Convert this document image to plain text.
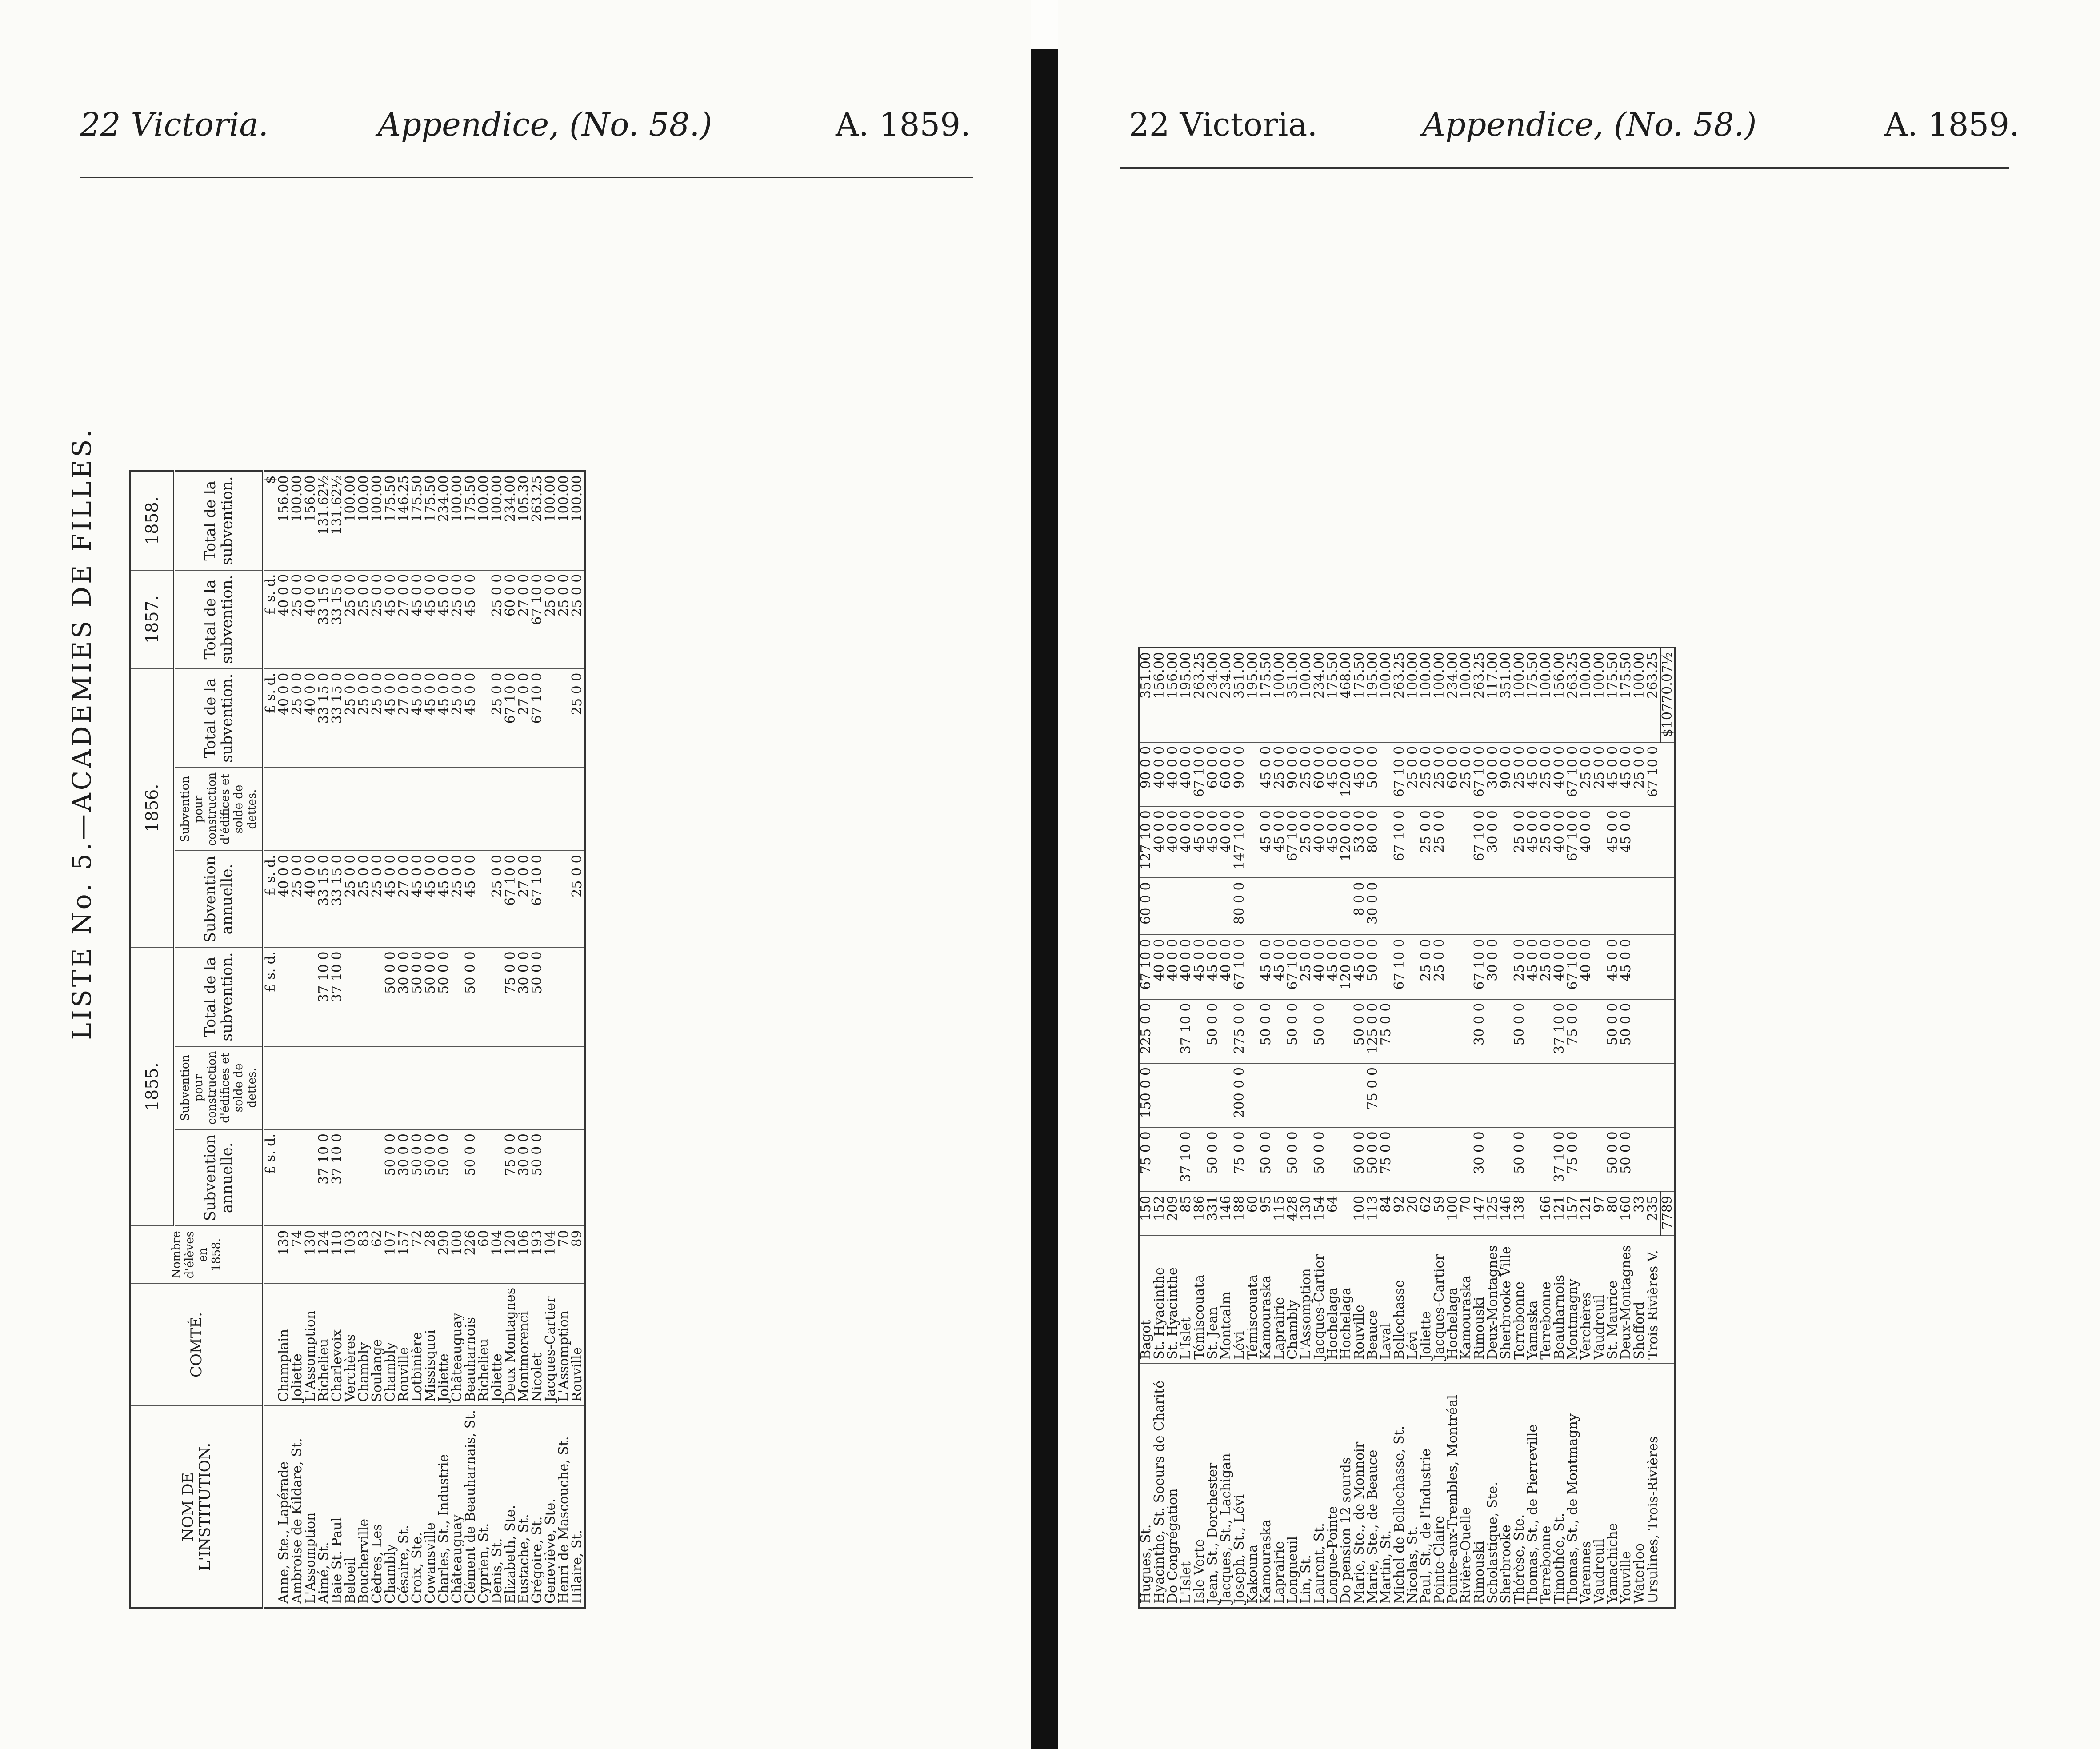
22 Victoria.	Appendice, (No. 58.)	A. 1859.
LISTE No. 5.—ACADEMIES DE FILLES.
NOM DE L'INSTITUTION.	COMTÉ.	Nombre d'élèves en 1858.	1855.			1856.			1857.	1858.
			Subvention annuelle.	Subvention pour construction d'édifices et solde de dettes.	Total de la subvention.	Subvention annuelle.	Subvention pour construction d'édifices et solde de dettes.	Total de la subvention.	Total de la subvention.	Total de la subvention.
			£ s. d.		£ s. d.	£ s. d.		£ s. d.	£ s. d.	$
Anne, Ste., Lapérade	Champlain	139				40 0 0		40 0 0	40 0 0	156.00
Ambroise de Kildare, St.	Joliette	74				25 0 0		25 0 0	25 0 0	100.00
L'Assomption	L'Assomption	130				40 0 0		40 0 0	40 0 0	156.00
Aimé, St.	Richelieu	124	37 10 0		37 10 0	33 15 0		33 15 0	33 15 0	131.62½
Baie St. Paul	Charlevoix	110	37 10 0		37 10 0	33 15 0		33 15 0	33 15 0	131.62½
Beloeil	Verchères	103				25 0 0		25 0 0	25 0 0	100.00
Boucherville	Chambly	83				25 0 0		25 0 0	25 0 0	100.00
Cèdres, Les	Soulange	62				25 0 0		25 0 0	25 0 0	100.00
Chambly	Chambly	107	50 0 0		50 0 0	45 0 0		45 0 0	45 0 0	175.50
Césaire, St.	Rouville	157	30 0 0		30 0 0	27 0 0		27 0 0	27 0 0	146.25
Croix, Ste.	Lotbinière	72	50 0 0		50 0 0	45 0 0		45 0 0	45 0 0	175.50
Cowansville	Missisquoi	28	50 0 0		50 0 0	45 0 0		45 0 0	45 0 0	175.50
Charles, St., Industrie	Joliette	290	50 0 0		50 0 0	45 0 0		45 0 0	45 0 0	234.00
Châteauguay	Châteauguay	100				25 0 0		25 0 0	25 0 0	100.00
Clément de Beauharnais, St.	Beauharnois	226	50 0 0		50 0 0	45 0 0		45 0 0	45 0 0	175.50
Cyprien, St.	Richelieu	60								100.00
Denis, St.	Joliette	104				25 0 0		25 0 0	25 0 0	100.00
Elizabeth, Ste.	Deux Montagnes	120	75 0 0		75 0 0	67 10 0		67 10 0	60 0 0	234.00
Eustache, St.	Montmorenci	106	30 0 0		30 0 0	27 0 0		27 0 0	27 0 0	105.30
Grégoire, St.	Nicolet	193	50 0 0		50 0 0	67 10 0		67 10 0	67 10 0	263.25
Geneviève, Ste.	Jacques-Cartier	104							25 0 0	100.00
Henri de Mascouche, St.	L'Assomption	70							25 0 0	100.00
Hilaire, St.	Rouville	89				25 0 0		25 0 0	25 0 0	100.00
22 Victoria.	Appendice, (No. 58.)	A. 1859.
Hugues, St.	Bagot	150	75 0 0	150 0 0	225 0 0	67 10 0	60 0 0	127 10 0	90 0 0	351.00
Hyacinthe, St. Soeurs de Charité	St. Hyacinthe	152				40 0 0		40 0 0	40 0 0	156.00
Do Congrégation	St. Hyacinthe	209				40 0 0		40 0 0	40 0 0	156.00
L'Islet	L'Islet	85	37 10 0		37 10 0	40 0 0		40 0 0	40 0 0	195.00
Isle Verte	Témiscouata	186				45 0 0		45 0 0	67 10 0	263.25
Jean, St., Dorchester	St. Jean	331	50 0 0		50 0 0	45 0 0		45 0 0	60 0 0	234.00
Jacques, St., Lachigan	Montcalm	146				40 0 0		40 0 0	60 0 0	234.00
Joseph, St., Lévi	Lévi	188	75 0 0	200 0 0	275 0 0	67 10 0	80 0 0	147 10 0	90 0 0	351.00
Kakouna	Témiscouata	60								195.00
Kamouraska	Kamouraska	95	50 0 0		50 0 0	45 0 0		45 0 0	45 0 0	175.50
Laprairie	Laprairie	115				45 0 0		45 0 0	25 0 0	100.00
Longueuil	Chambly	428	50 0 0		50 0 0	67 10 0		67 10 0	90 0 0	351.00
Lin, St.	L'Assomption	130				25 0 0		25 0 0	25 0 0	100.00
Laurent, St.	Jacques-Cartier	154	50 0 0		50 0 0	40 0 0		40 0 0	60 0 0	234.00
Longue-Pointe	Hochelaga	64				45 0 0		45 0 0	45 0 0	175.50
Do pension 12 sourds	Hochelaga					120 0 0		120 0 0	120 0 0	468.00
Marie, Ste., de Monnoir	Rouville	100	50 0 0		50 0 0	45 0 0	8 0 0	53 0 0	45 0 0	175.50
Marie, Ste., de Beauce	Beauce	113	50 0 0	75 0 0	125 0 0	50 0 0	30 0 0	80 0 0	50 0 0	195.00
Martin, St.	Laval	84	75 0 0		75 0 0					100.00
Michel de Bellechasse, St.	Bellechasse	92				67 10 0		67 10 0	67 10 0	263.25
Nicolas, St.	Lévi	20							25 0 0	100.00
Paul, St., de l'Industrie	Joliette	62				25 0 0		25 0 0	25 0 0	100.00
Pointe-Claire	Jacques-Cartier	59				25 0 0		25 0 0	25 0 0	100.00
Pointe-aux-Trembles, Montréal	Hochelaga	100							60 0 0	234.00
Rivière-Ouelle	Kamouraska	70							25 0 0	100.00
Rimouski	Rimouski	147	30 0 0		30 0 0	67 10 0		67 10 0	67 10 0	263.25
Scholastique, Ste.	Deux-Montagnes	125				30 0 0		30 0 0	30 0 0	117.00
Sherbrooke	Sherbrooke Ville	146							90 0 0	351.00
Thérèse, Ste.	Terrebonne	138	50 0 0		50 0 0	25 0 0		25 0 0	25 0 0	100.00
Thomas, St., de Pierreville	Yamaska					45 0 0		45 0 0	45 0 0	175.50
Terrebonne	Terrebonne	166				25 0 0		25 0 0	25 0 0	100.00
Timothée, St.	Beauharnois	121	37 10 0		37 10 0	40 0 0		40 0 0	40 0 0	156.00
Thomas, St., de Montmagny	Montmagny	157	75 0 0		75 0 0	67 10 0		67 10 0	67 10 0	263.25
Varennes	Verchères	121				40 0 0		40 0 0	25 0 0	100.00
Vaudreuil	Vaudreuil	97							25 0 0	100.00
Yamachiche	St. Maurice	80	50 0 0		50 0 0	45 0 0		45 0 0	45 0 0	175.50
Youville	Deux-Montagnes	160	50 0 0		50 0 0	45 0 0		45 0 0	45 0 0	175.50
Waterloo	Shefford	33							25 0 0	100.00
Ursulines, Trois-Rivières	Trois Rivières V.	235							67 10 0	263.25
		7789								$10770.07½
